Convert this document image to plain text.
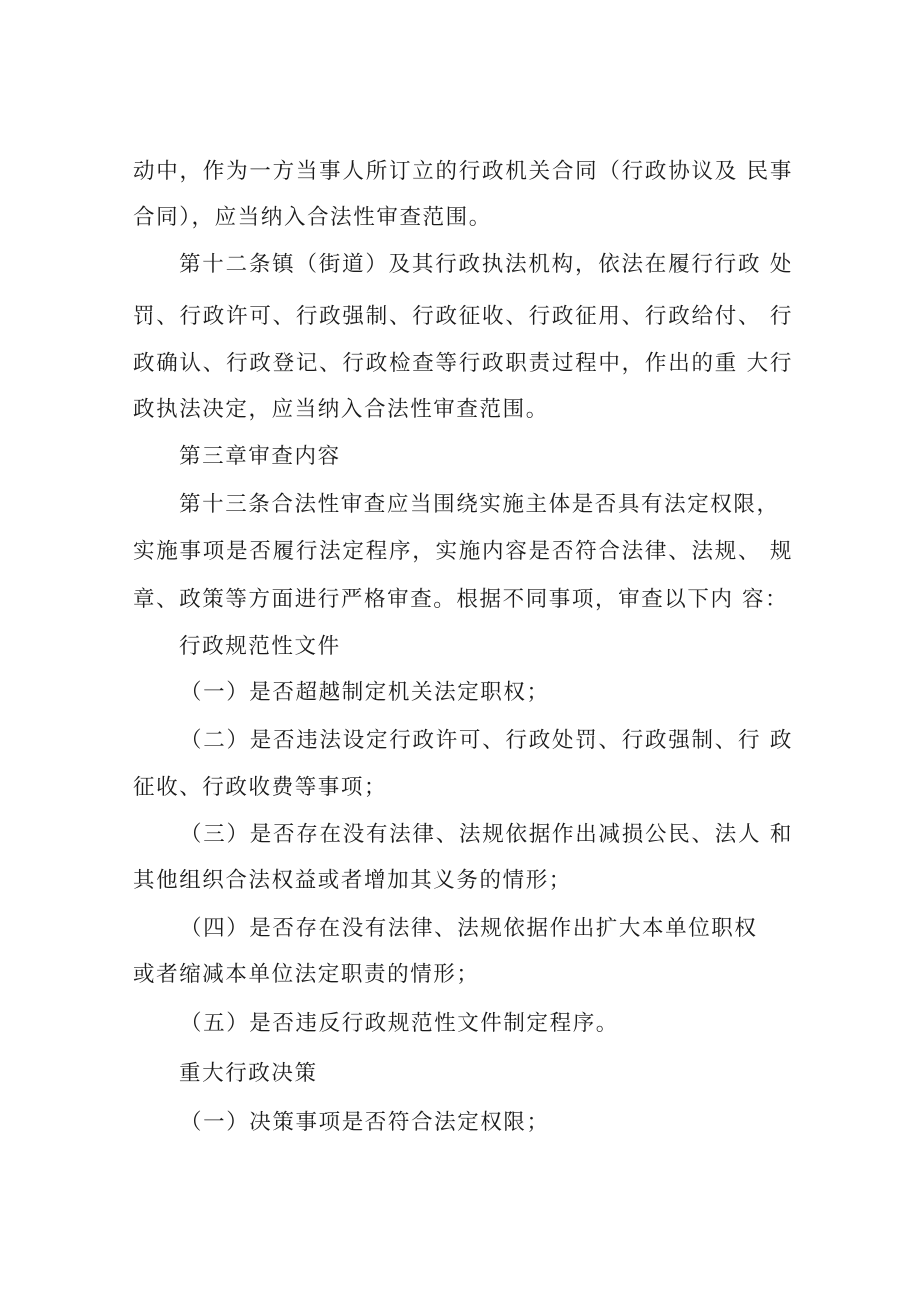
动中，作为一方当事人所订立的行政机关合同（行政协议及 民事
合同），应当纳入合法性审查范围。
第十二条镇（街道）及其行政执法机构，依法在履行行政 处
罚、行政许可、行政强制、行政征收、行政征用、行政给付、 行
政确认、行政登记、行政检查等行政职责过程中，作出的重 大行
政执法决定，应当纳入合法性审查范围。
第三章审查内容
第十三条合法性审查应当围绕实施主体是否具有法定权限，
实施事项是否履行法定程序，实施内容是否符合法律、法规、 规
章、政策等方面进行严格审查。根据不同事项，审查以下内 容：
行政规范性文件
（一）是否超越制定机关法定职权；
（二）是否违法设定行政许可、行政处罚、行政强制、行 政
征收、行政收费等事项；
（三）是否存在没有法律、法规依据作出减损公民、法人 和
其他组织合法权益或者增加其义务的情形；
（四）是否存在没有法律、法规依据作出扩大本单位职权
或者缩减本单位法定职责的情形；
（五）是否违反行政规范性文件制定程序。
重大行政决策
（一）决策事项是否符合法定权限；
